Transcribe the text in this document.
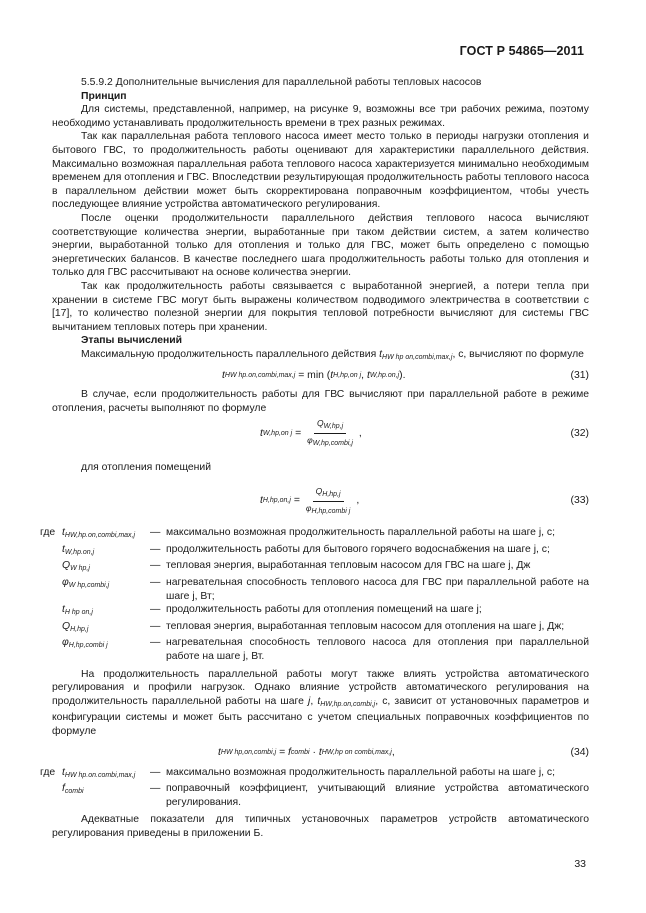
ГОСТ Р 54865—2011

5.5.9.2 Дополнительные вычисления для параллельной работы тепловых насосов

Принцип

Для системы, представленной, например, на рисунке 9, возможны все три рабочих режима, поэтому необходимо устанавливать продолжительность времени в трех разных режимах.

Так как параллельная работа теплового насоса имеет место только в периоды нагрузки отопления и бытового ГВС, то продолжительность работы оценивают для характеристики параллельного действия. Максимально возможная параллельная работа теплового насоса характеризуется минимально необходимым временем для отопления и ГВС. Впоследствии результирующая продолжительность работы теплового насоса в параллельном действии может быть скорректирована поправочным коэффициентом, чтобы учесть последующее влияние устройства автоматического регулирования.

После оценки продолжительности параллельного действия теплового насоса вычисляют соответствующие количества энергии, выработанные при таком действии систем, а затем количество энергии, выработанной только для отопления и только для ГВС, может быть определено с помощью энергетических балансов. В качестве последнего шага продолжительность работы только для отопления и только для ГВС рассчитывают на основе количества энергии.

Так как продолжительность работы связывается с выработанной энергией, а потери тепла при хранении в системе ГВС могут быть выражены количеством подводимого электричества в соответствии с [17], то количество полезной энергии для покрытия тепловой потребности вычисляют для системы ГВС вычитанием тепловых потерь при хранении.

Этапы вычислений

Максимальную продолжительность параллельного действия $t_{HW hp on,combi,max,j}$, с, вычисляют по формуле

t HW hp.on,combi,max,j
= min ( t H,hp,on j ,
t W,hp.on,j ).	(31)

В случае, если продолжительность работы для ГВС вычисляют при параллельной работе в режиме отопления, расчеты выполняют по формуле

t W,hp,on j
= $\frac{Q_{W,hp,j}}{\varphi_{W,hp,combi,j}}$ ,	(32)

для отопления помещений

t H,hp,on,j
= $\frac{Q_{H,hp,j}}{\varphi_{H,hp,combi j}}$ ,	(33)
где $t_{HW,hp.on,combi,max,j}$	— максимально возможная продолжительность параллельной работы на шаге j, с;
$t_{W,hp.on,j}$	— продолжительность работы для бытового горячего водоснабжения на шаге j, с;
$Q_{W hp,j}$	— тепловая энергия, выработанная тепловым насосом для ГВС на шаге j, Дж
$\varphi_{W hp,combi,j}$	— нагревательная способность теплового насоса для ГВС при параллельной работе на шаге j, Вт;
$t_{H hp on,j}$	— продолжительность работы для отопления помещений на шаге j;
$Q_{H,hp,j}$	— тепловая энергия, выработанная тепловым насосом для отопления на шаге j, Дж;
$\varphi_{H,hp,combi j}$	— нагревательная способность теплового насоса для отопления при параллельной работе на шаге j, Вт.

На продолжительность параллельной работы могут также влиять устройства автоматического регулирования и профили нагрузок. Однако влияние устройств автоматического регулирования на продолжительность параллельной работы на шаге j, $t_{HW,hp.on,combi,j}$, с, зависит от установочных параметров и конфигурации системы и может быть рассчитано с учетом специальных поправочных коэффициентов по формуле

t HW hp,on,combi,j
= f combi
·
t HW,hp on combi,max,j ,	(34)
где $t_{HW hp.on.combi,max,j}$	— максимально возможная продолжительность параллельной работы на шаге j, с;
$f_{combi}$	— поправочный коэффициент, учитывающий влияние устройства автоматического регулирования.

Адекватные показатели для типичных установочных параметров устройств автоматического регулирования приведены в приложении Б.

33
